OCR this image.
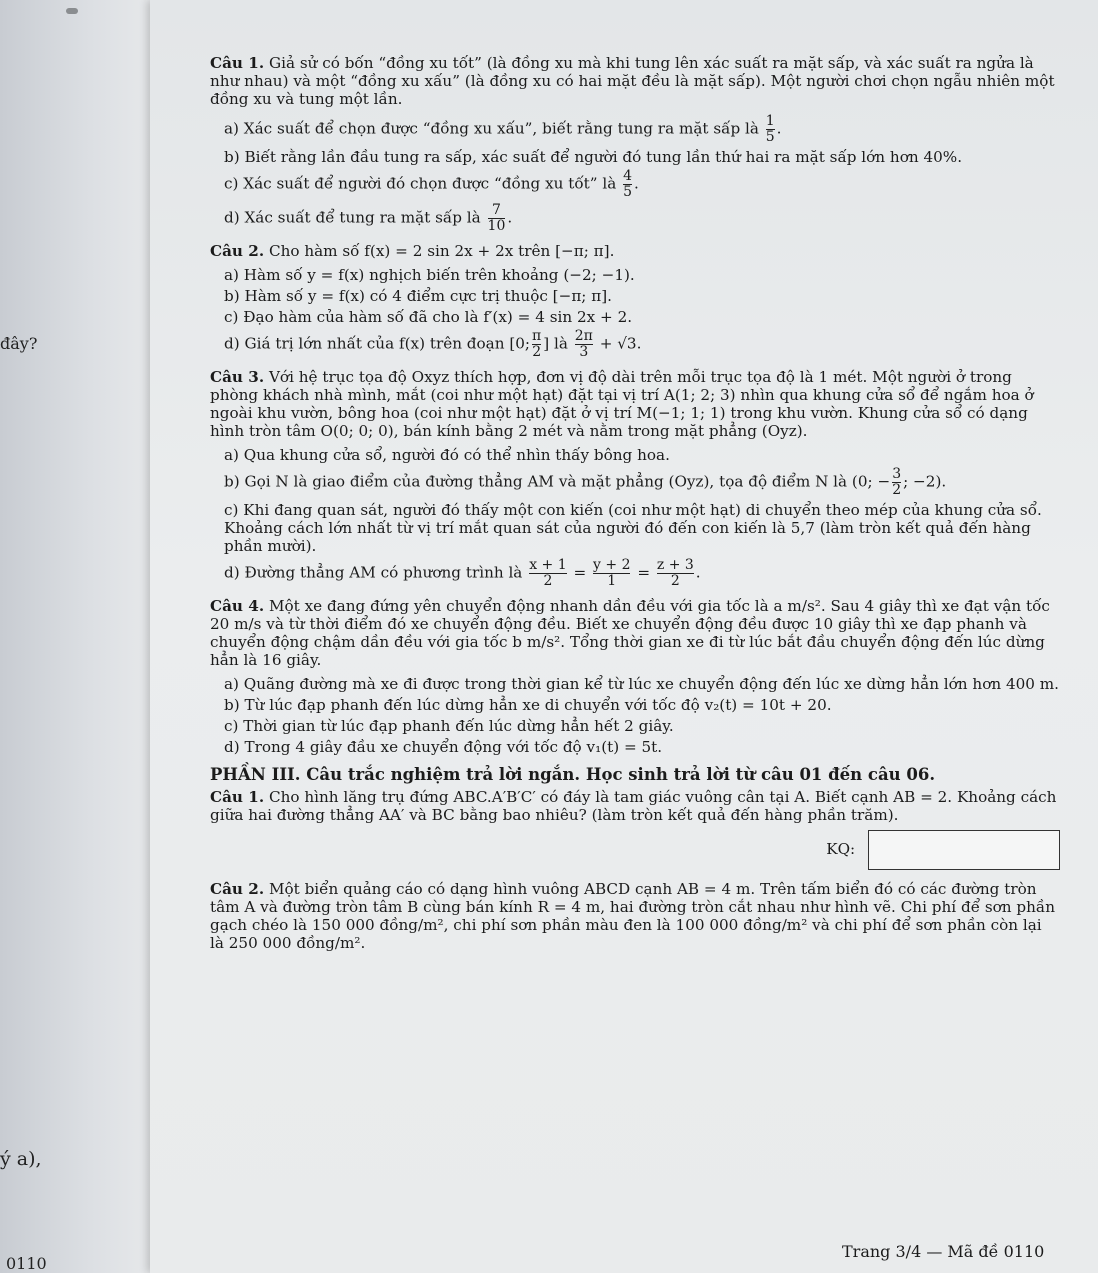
đây?
ý a),
0110
Câu 1. Giả sử có bốn “đồng xu tốt” (là đồng xu mà khi tung lên xác suất ra mặt sấp, và xác suất ra ngửa là như nhau) và một “đồng xu xấu” (là đồng xu có hai mặt đều là mặt sấp). Một người chơi chọn ngẫu nhiên một đồng xu và tung một lần.
a) Xác suất để chọn được “đồng xu xấu”, biết rằng tung ra mặt sấp là $\frac{1}{5}$ .
b) Biết rằng lần đầu tung ra sấp, xác suất để người đó tung lần thứ hai ra mặt sấp lớn hơn 40%.
c) Xác suất để người đó chọn được “đồng xu tốt” là $\frac{4}{5}$ .
d) Xác suất để tung ra mặt sấp là $\frac{7}{10}$ .
Câu 2. Cho hàm số f(x) = 2 sin 2x + 2x trên [−π; π].
a) Hàm số y = f(x) nghịch biến trên khoảng (−2; −1).
b) Hàm số y = f(x) có 4 điểm cực trị thuộc [−π; π].
c) Đạo hàm của hàm số đã cho là f′(x) = 4 sin 2x + 2.
d) Giá trị lớn nhất của f(x) trên đoạn [0; $\frac{\pi}{2}$ ] là $\frac{2\pi}{3} + √3$.
Câu 3. Với hệ trục tọa độ Oxyz thích hợp, đơn vị độ dài trên mỗi trục tọa độ là 1 mét. Một người ở trong phòng khách nhà mình, mắt (coi như một hạt) đặt tại vị trí A(1; 2; 3) nhìn qua khung cửa sổ để ngắm hoa ở ngoài khu vườn, bông hoa (coi như một hạt) đặt ở vị trí M(−1; 1; 1) trong khu vườn. Khung cửa sổ có dạng hình tròn tâm O(0; 0; 0), bán kính bằng 2 mét và nằm trong mặt phẳng (Oyz).
a) Qua khung cửa sổ, người đó có thể nhìn thấy bông hoa.
b) Gọi N là giao điểm của đường thẳng AM và mặt phẳng (Oyz), tọa độ điểm N là (0; − $\frac{3}{2}$ ; −2).
c) Khi đang quan sát, người đó thấy một con kiến (coi như một hạt) di chuyển theo mép của khung cửa sổ. Khoảng cách lớn nhất từ vị trí mắt quan sát của người đó đến con kiến là 5,7 (làm tròn kết quả đến hàng phần mười).
d) Đường thẳng AM có phương trình là $\frac{x + 1}{2} = \frac{y + 2}{1} = \frac{z + 3}{2}$ .
Câu 4. Một xe đang đứng yên chuyển động nhanh dần đều với gia tốc là a m/s². Sau 4 giây thì xe đạt vận tốc 20 m/s và từ thời điểm đó xe chuyển động đều. Biết xe chuyển động đều được 10 giây thì xe đạp phanh và chuyển động chậm dần đều với gia tốc b m/s². Tổng thời gian xe đi từ lúc bắt đầu chuyển động đến lúc dừng hẳn là 16 giây.
a) Quãng đường mà xe đi được trong thời gian kể từ lúc xe chuyển động đến lúc xe dừng hẳn lớn hơn 400 m.
b) Từ lúc đạp phanh đến lúc dừng hẳn xe di chuyển với tốc độ v₂(t) = 10t + 20.
c) Thời gian từ lúc đạp phanh đến lúc dừng hẳn hết 2 giây.
d) Trong 4 giây đầu xe chuyển động với tốc độ v₁(t) = 5t.
PHẦN III. Câu trắc nghiệm trả lời ngắn. Học sinh trả lời từ câu 01 đến câu 06.
Câu 1. Cho hình lăng trụ đứng ABC.A′B′C′ có đáy là tam giác vuông cân tại A. Biết cạnh AB = 2. Khoảng cách giữa hai đường thẳng AA′ và BC bằng bao nhiêu? (làm tròn kết quả đến hàng phần trăm).
KQ:
Câu 2. Một biển quảng cáo có dạng hình vuông ABCD cạnh AB = 4 m. Trên tấm biển đó có các đường tròn tâm A và đường tròn tâm B cùng bán kính R = 4 m, hai đường tròn cắt nhau như hình vẽ. Chi phí để sơn phần gạch chéo là 150 000 đồng/m², chi phí sơn phần màu đen là 100 000 đồng/m² và chi phí để sơn phần còn lại là 250 000 đồng/m².
Trang 3/4 — Mã đề 0110
